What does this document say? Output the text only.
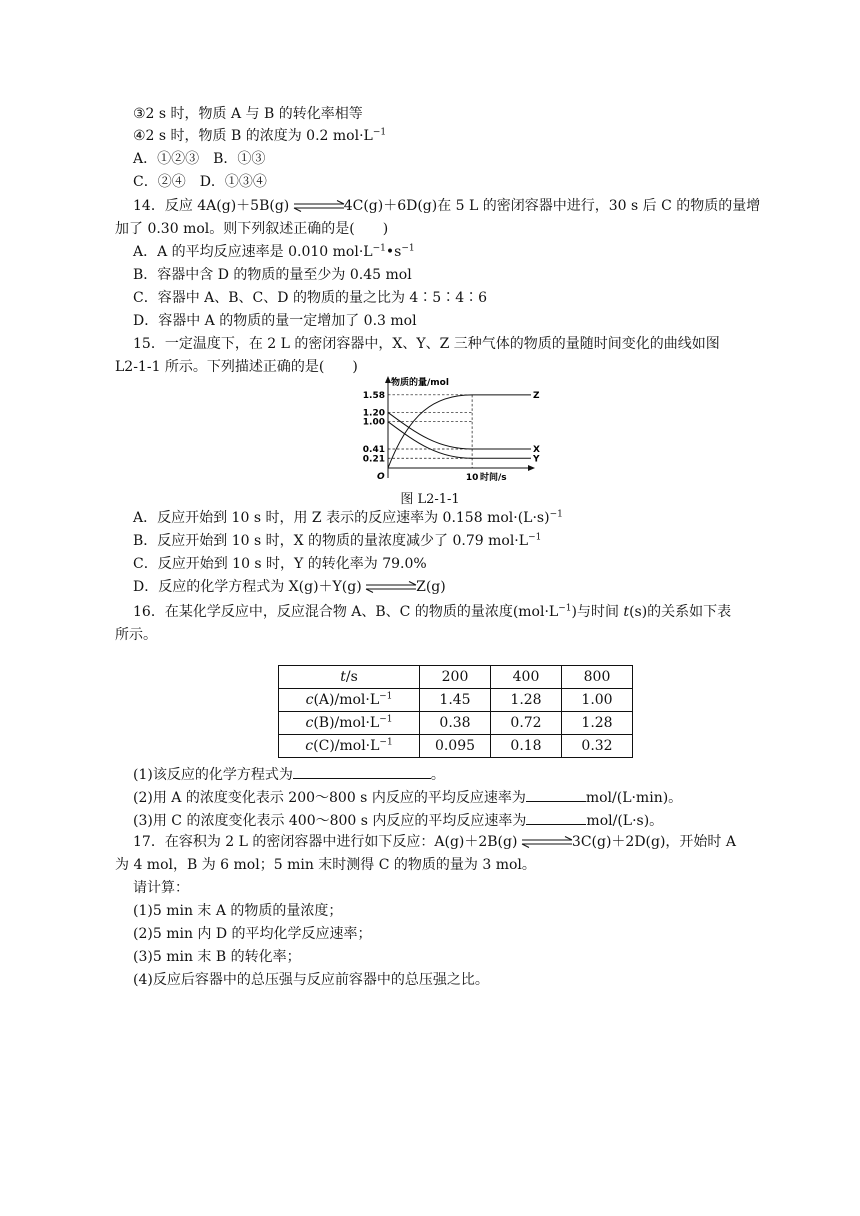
③2 s 时，物质 A 与 B 的转化率相等
④2 s 时，物质 B 的浓度为 0.2 $mol\cdot L^{-1}$
A．①②③　B．①③
C．②④　D．①③④
14．反应 4A(g)＋5B(g)	4C(g)＋6D(g)在 5 L 的密闭容器中进行，30 s 后 C 的物质的量增
加了 0.30 mol。则下列叙述正确的是(　　)
A．A 的平均反应速率是 0.010 $mol\cdot L^{-1}•s^{-1}$
B．容器中含 D 的物质的量至少为 0.45 mol
C．容器中 A、B、C、D 的物质的量之比为 4∶5∶4∶6
D．容器中 A 的物质的量一定增加了 0.3 mol
15．一定温度下，在 2 L 的密闭容器中，X、Y、Z 三种气体的物质的量随时间变化的曲线如图
L2-1-1 所示。下列描述正确的是(　　)
物质的量/mol
时间/s
O
1.58
1.20
1.00
0.41
0.21
10
Z
X
Y
图 L2-1-1
A．反应开始到 10 s 时，用 Z 表示的反应速率为 0.158 $mol\cdot(L\cdot s)^{-1}$
B．反应开始到 10 s 时，X 的物质的量浓度减少了 0.79 $mol\cdot L^{-1}$
C．反应开始到 10 s 时，Y 的转化率为 79.0%
D．反应的化学方程式为 X(g)＋Y(g)	Z(g)
16．在某化学反应中，反应混合物 A、B、C 的物质的量浓度$(mol\cdot L^{-1})$与时间 t(s)的关系如下表
所示。
t/s	200	400	800
$c(A)/mol\cdot L^{-1}$	1.45	1.28	1.00
$c(B)/mol\cdot L^{-1}$	0.38	0.72	1.28
$c(C)/mol\cdot L^{-1}$	0.095	0.18	0.32
(1)该反应的化学方程式为	。
(2)用 A 的浓度变化表示 200～800 s 内反应的平均反应速率为	mol/(L·min)。
(3)用 C 的浓度变化表示 400～800 s 内反应的平均反应速率为	mol/(L·s)。
17．在容积为 2 L 的密闭容器中进行如下反应：A(g)＋2B(g)	3C(g)＋2D(g)，开始时 A
为 4 mol，B 为 6 mol；5 min 末时测得 C 的物质的量为 3 mol。
请计算：
(1)5 min 末 A 的物质的量浓度；
(2)5 min 内 D 的平均化学反应速率；
(3)5 min 末 B 的转化率；
(4)反应后容器中的总压强与反应前容器中的总压强之比。
